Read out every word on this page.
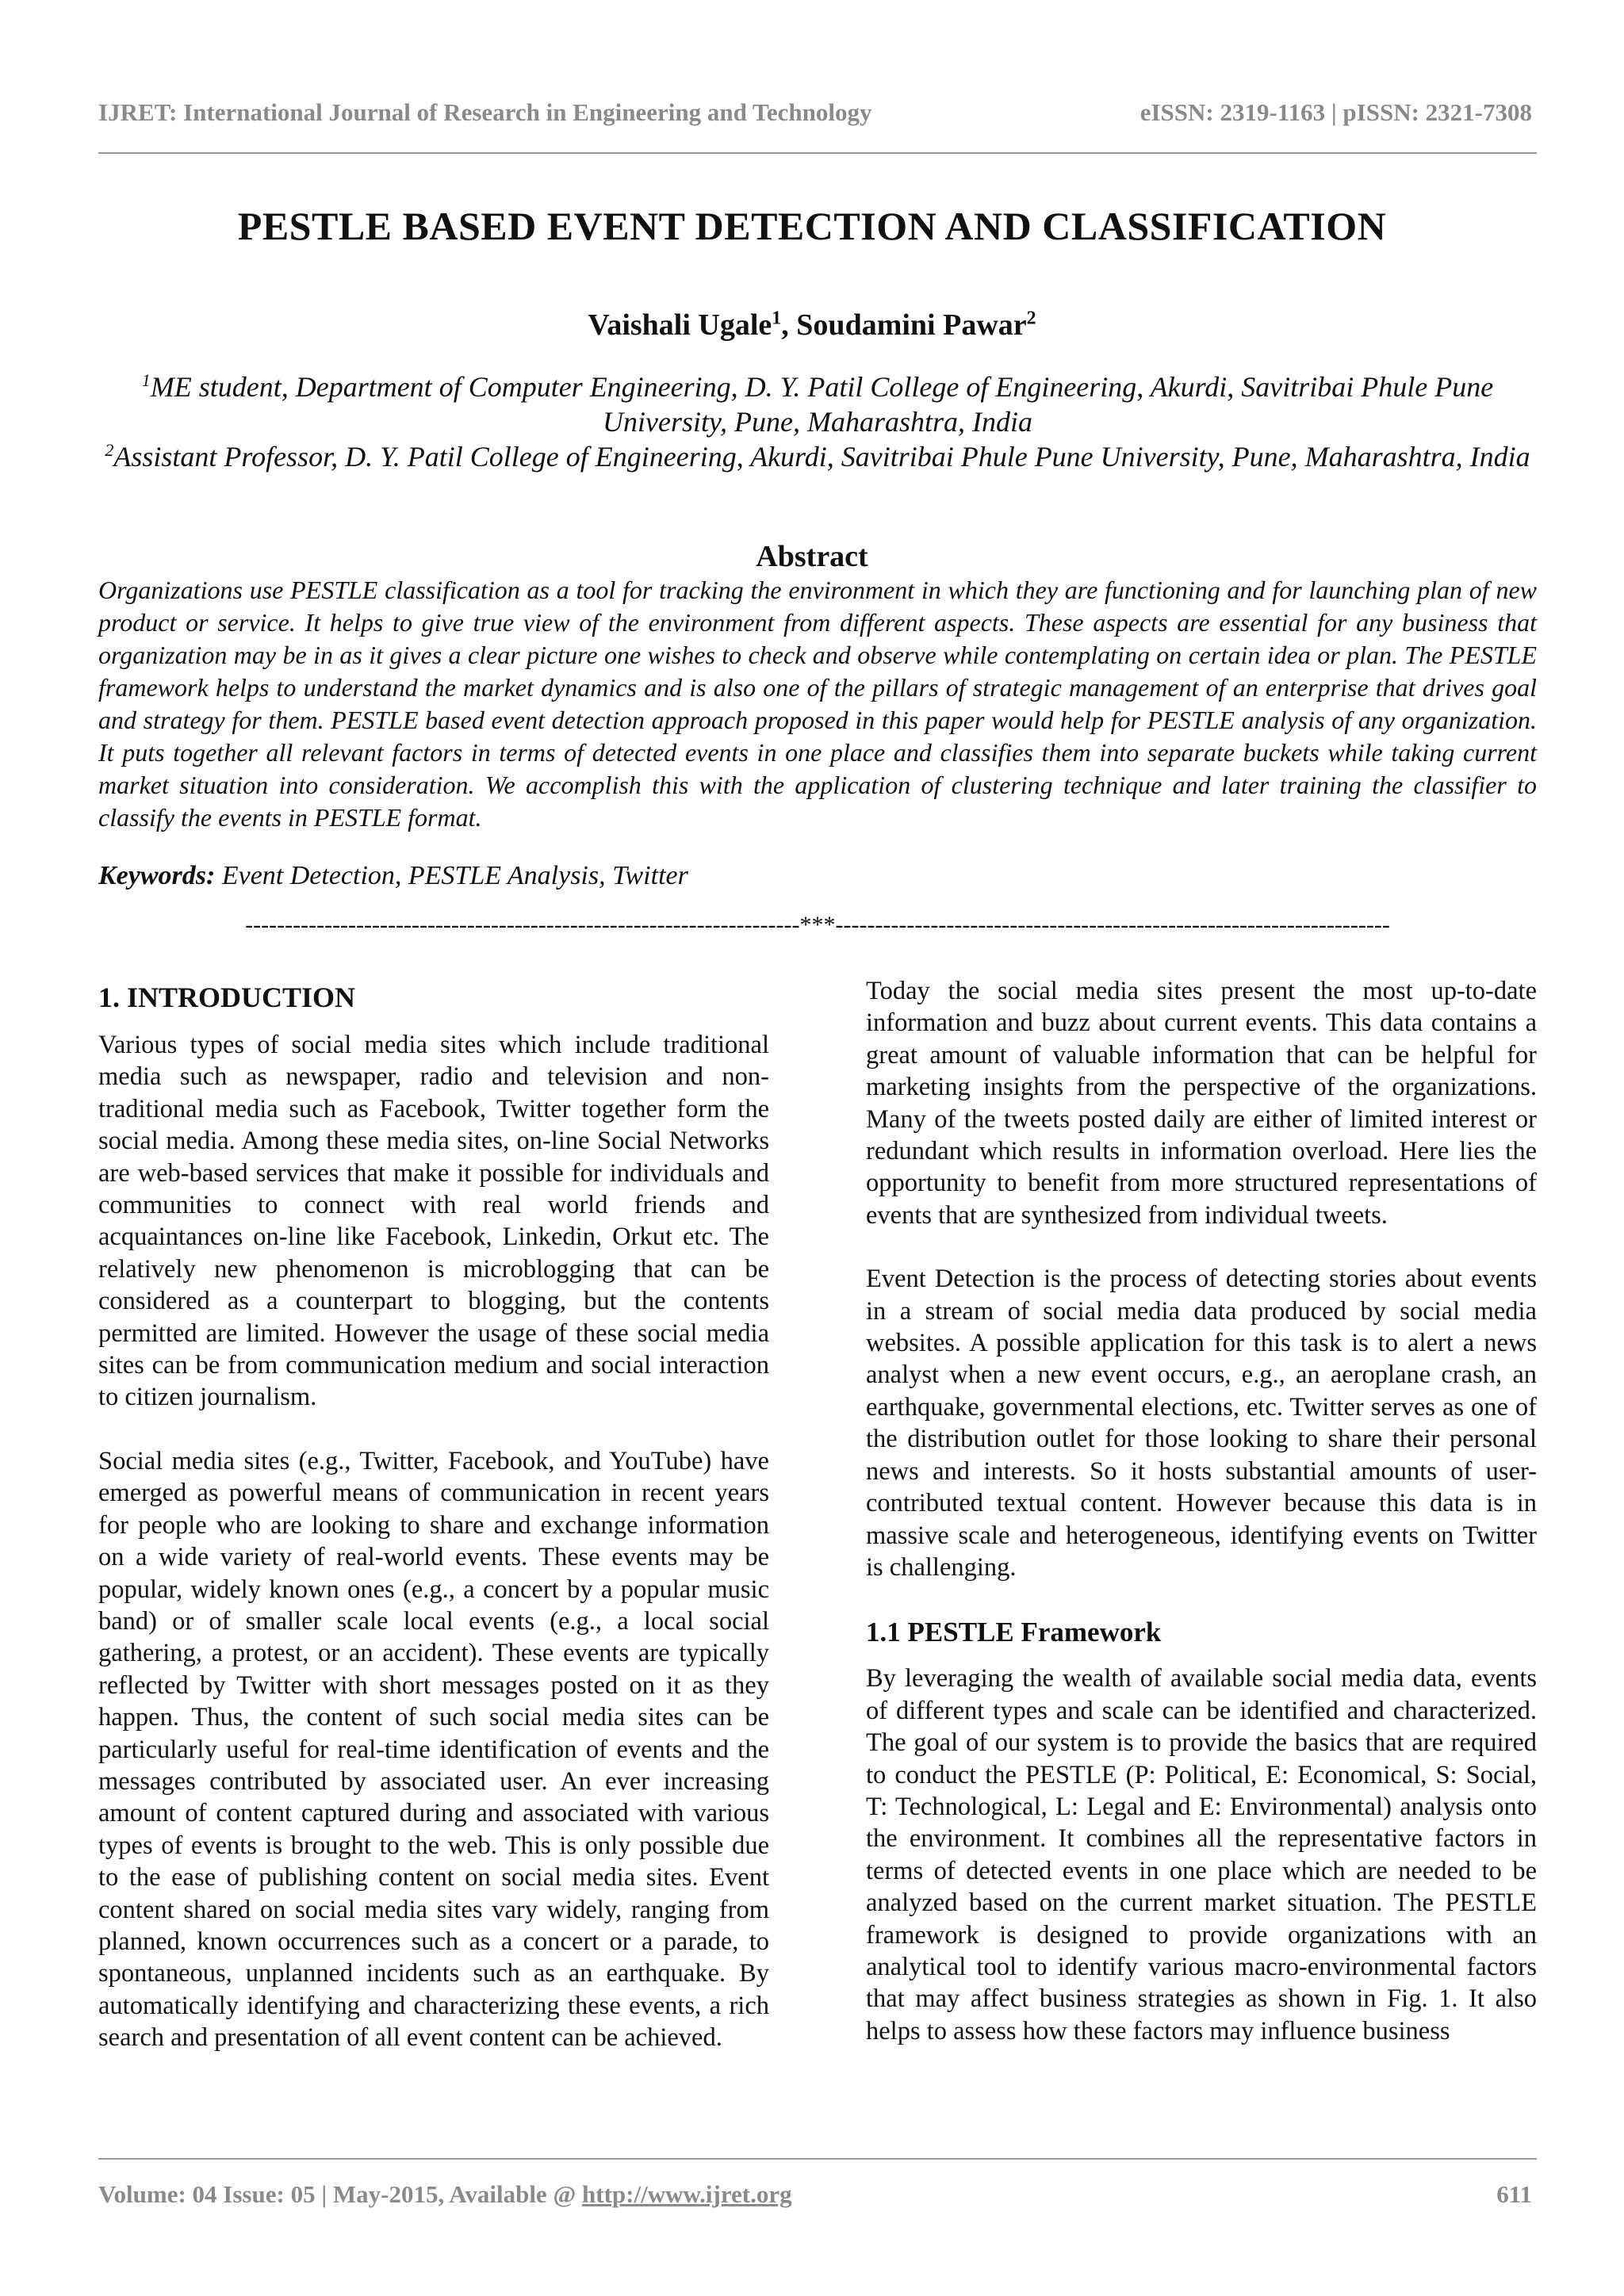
IJRET: International Journal of Research in Engineering and Technology	eISSN: 2319-1163 | pISSN: 2321-7308
PESTLE BASED EVENT DETECTION AND CLASSIFICATION
Vaishali Ugale$^1$, Soudamini Pawar$^2$
$^1$ME student, Department of Computer Engineering, D. Y. Patil College of Engineering, Akurdi, Savitribai Phule Pune University, Pune, Maharashtra, India
$^2$Assistant Professor, D. Y. Patil College of Engineering, Akurdi, Savitribai Phule Pune University, Pune, Maharashtra, India
Abstract
Organizations use PESTLE classification as a tool for tracking the environment in which they are functioning and for launching plan of new product or service. It helps to give true view of the environment from different aspects. These aspects are essential for any business that organization may be in as it gives a clear picture one wishes to check and observe while contemplating on certain idea or plan. The PESTLE framework helps to understand the market dynamics and is also one of the pillars of strategic management of an enterprise that drives goal and strategy for them. PESTLE based event detection approach proposed in this paper would help for PESTLE analysis of any organization. It puts together all relevant factors in terms of detected events in one place and classifies them into separate buckets while taking current market situation into consideration. We accomplish this with the application of clustering technique and later training the classifier to classify the events in PESTLE format.
Keywords: Event Detection, PESTLE Analysis, Twitter
----------------------------------------------------------------------***----------------------------------------------------------------------
1. INTRODUCTION

Various types of social media sites which include traditional media such as newspaper, radio and television and non-traditional media such as Facebook, Twitter together form the social media. Among these media sites, on-line Social Networks are web-based services that make it possible for individuals and communities to connect with real world friends and acquaintances on-line like Facebook, Linkedin, Orkut etc. The relatively new phenomenon is microblogging that can be considered as a counterpart to blogging, but the contents permitted are limited. However the usage of these social media sites can be from communication medium and social interaction to citizen journalism.

Social media sites (e.g., Twitter, Facebook, and YouTube) have emerged as powerful means of communication in recent years for people who are looking to share and exchange information on a wide variety of real-world events. These events may be popular, widely known ones (e.g., a concert by a popular music band) or of smaller scale local events (e.g., a local social gathering, a protest, or an accident). These events are typically reflected by Twitter with short messages posted on it as they happen. Thus, the content of such social media sites can be particularly useful for real-time identification of events and the messages contributed by associated user. An ever increasing amount of content captured during and associated with various types of events is brought to the web. This is only possible due to the ease of publishing content on social media sites. Event content shared on social media sites vary widely, ranging from planned, known occurrences such as a concert or a parade, to spontaneous, unplanned incidents such as an earthquake. By automatically identifying and characterizing these events, a rich search and presentation of all event content can be achieved.

Today the social media sites present the most up-to-date information and buzz about current events. This data contains a great amount of valuable information that can be helpful for marketing insights from the perspective of the organizations. Many of the tweets posted daily are either of limited interest or redundant which results in information overload. Here lies the opportunity to benefit from more structured representations of events that are synthesized from individual tweets.

Event Detection is the process of detecting stories about events in a stream of social media data produced by social media websites. A possible application for this task is to alert a news analyst when a new event occurs, e.g., an aeroplane crash, an earthquake, governmental elections, etc. Twitter serves as one of the distribution outlet for those looking to share their personal news and interests. So it hosts substantial amounts of user-contributed textual content. However because this data is in massive scale and heterogeneous, identifying events on Twitter is challenging.

1.1 PESTLE Framework

By leveraging the wealth of available social media data, events of different types and scale can be identified and characterized. The goal of our system is to provide the basics that are required to conduct the PESTLE (P: Political, E: Economical, S: Social, T: Technological, L: Legal and E: Environmental) analysis onto the environment. It combines all the representative factors in terms of detected events in one place which are needed to be analyzed based on the current market situation. The PESTLE framework is designed to provide organizations with an analytical tool to identify various macro-environmental factors that may affect business strategies as shown in Fig. 1. It also helps to assess how these factors may influence business

Volume: 04 Issue: 05 | May-2015, Available @ http://www.ijret.org	611
